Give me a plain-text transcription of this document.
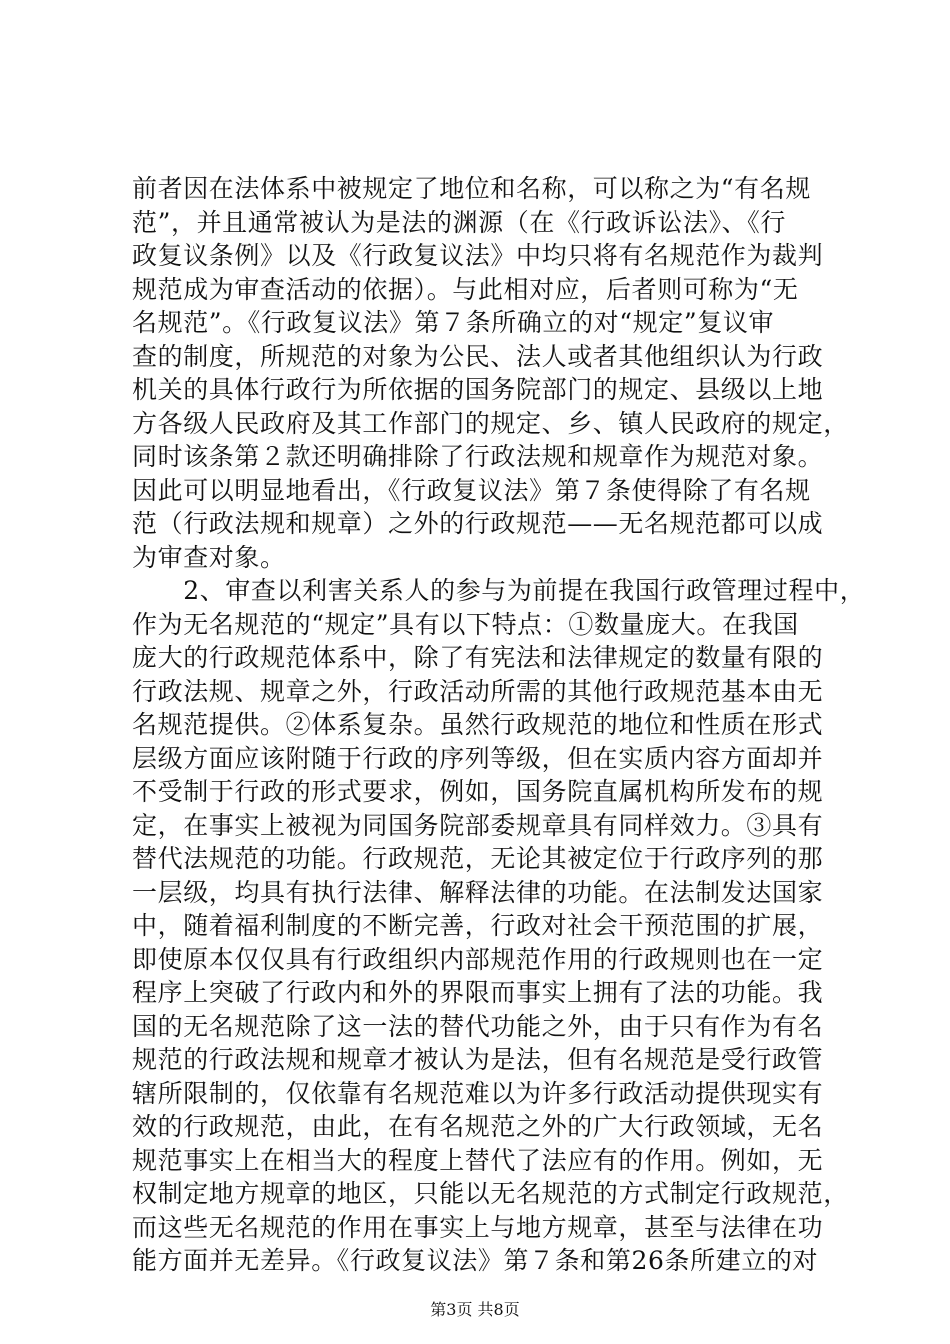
前者因在法体系中被规定了地位和名称，可以称之为“有名规
范”，并且通常被认为是法的渊源（在《行政诉讼法》、《行
政复议条例》以及《行政复议法》中均只将有名规范作为裁判
规范成为审查活动的依据）。与此相对应，后者则可称为“无
名规范”。《行政复议法》第７条所确立的对“规定”复议审
查的制度，所规范的对象为公民、法人或者其他组织认为行政
机关的具体行政行为所依据的国务院部门的规定、县级以上地
方各级人民政府及其工作部门的规定、乡、镇人民政府的规定，
同时该条第２款还明确排除了行政法规和规章作为规范对象。
因此可以明显地看出，《行政复议法》第７条使得除了有名规
范（行政法规和规章）之外的行政规范——无名规范都可以成
为审查对象。
　　2、审查以利害关系人的参与为前提在我国行政管理过程中，
作为无名规范的“规定”具有以下特点：①数量庞大。在我国
庞大的行政规范体系中，除了有宪法和法律规定的数量有限的
行政法规、规章之外，行政活动所需的其他行政规范基本由无
名规范提供。②体系复杂。虽然行政规范的地位和性质在形式
层级方面应该附随于行政的序列等级，但在实质内容方面却并
不受制于行政的形式要求，例如，国务院直属机构所发布的规
定，在事实上被视为同国务院部委规章具有同样效力。③具有
替代法规范的功能。行政规范，无论其被定位于行政序列的那
一层级，均具有执行法律、解释法律的功能。在法制发达国家
中，随着福利制度的不断完善，行政对社会干预范围的扩展，
即使原本仅仅具有行政组织内部规范作用的行政规则也在一定
程序上突破了行政内和外的界限而事实上拥有了法的功能。我
国的无名规范除了这一法的替代功能之外，由于只有作为有名
规范的行政法规和规章才被认为是法，但有名规范是受行政管
辖所限制的，仅依靠有名规范难以为许多行政活动提供现实有
效的行政规范，由此，在有名规范之外的广大行政领域，无名
规范事实上在相当大的程度上替代了法应有的作用。例如，无
权制定地方规章的地区，只能以无名规范的方式制定行政规范，
而这些无名规范的作用在事实上与地方规章，甚至与法律在功
能方面并无差异。《行政复议法》第７条和第26条所建立的对
第3页 共8页
